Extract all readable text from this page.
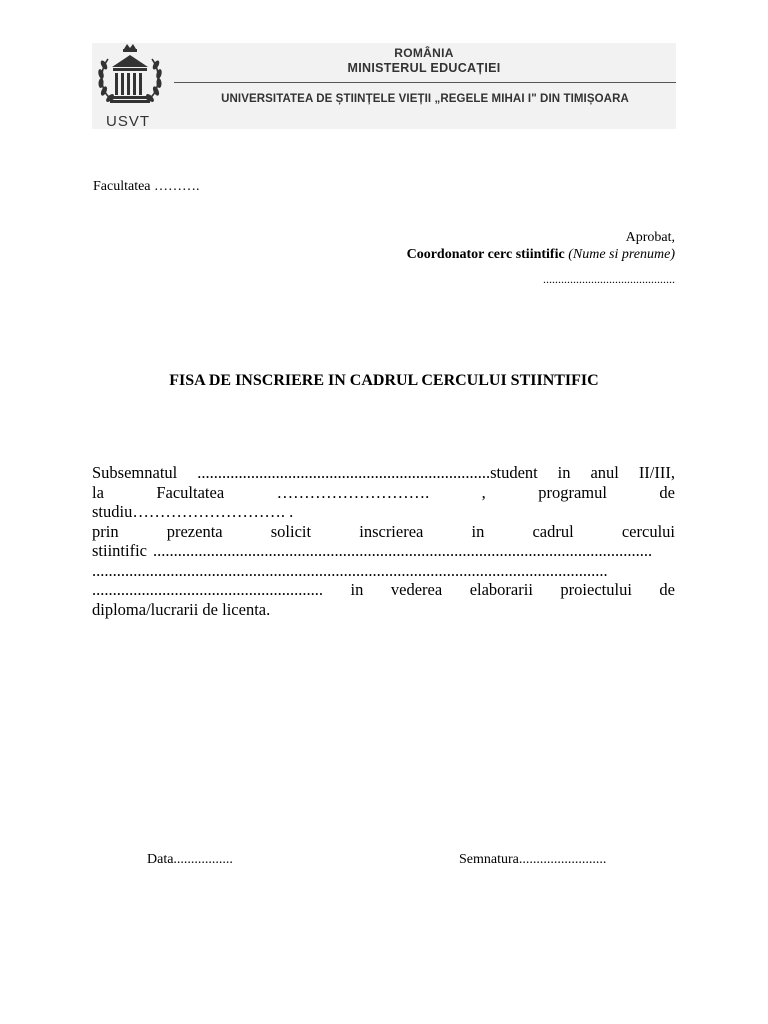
USVT
ROMÂNIA
MINISTERUL EDUCAȚIEI
UNIVERSITATEA DE ȘTIINȚELE VIEȚII „REGELE MIHAI I" DIN TIMIȘOARA
Facultatea ……….
Aprobat,
Coordonator cerc stiintific (Nume si prenume)
............................................
FISA DE INSCRIERE IN CADRUL CERCULUI STIINTIFIC
Subsemnatul .......................................................................student in anul II/III,
la	Facultatea	……………………….	,	programul	de
studiu………………………. .
prin	prezenta	solicit	inscrierea	in	cadrul	cercului
stiintific .........................................................................................................................
.............................................................................................................................
........................................................ in vederea elaborarii proiectului de
diploma/lucrarii de licenta.
Data.................	Semnatura.........................
